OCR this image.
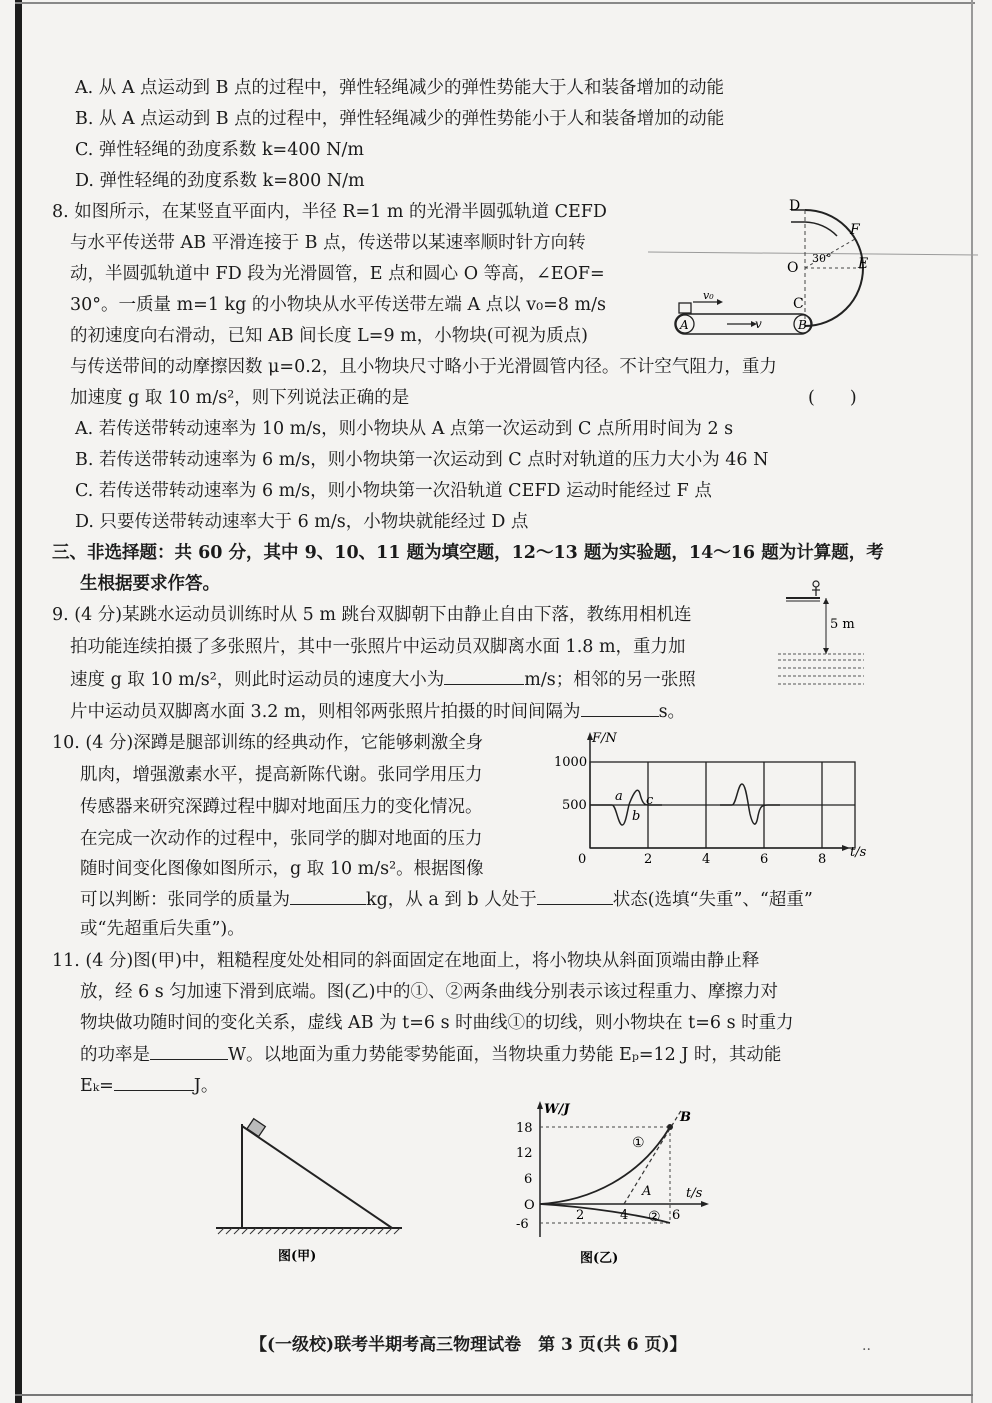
A. 从 A 点运动到 B 点的过程中，弹性轻绳减少的弹性势能大于人和装备增加的动能
B. 从 A 点运动到 B 点的过程中，弹性轻绳减少的弹性势能小于人和装备增加的动能
C. 弹性轻绳的劲度系数 k=400 N/m
D. 弹性轻绳的劲度系数 k=800 N/m
8. 如图所示，在某竖直平面内，半径 R=1 m 的光滑半圆弧轨道 CEFD
与水平传送带 AB 平滑连接于 B 点，传送带以某速率顺时针方向转
动，半圆弧轨道中 FD 段为光滑圆管，E 点和圆心 O 等高，∠EOF=
30°。一质量 m=1 kg 的小物块从水平传送带左端 A 点以 v₀=8 m/s
的初速度向右滑动，已知 AB 间长度 L=9 m，小物块(可视为质点)
与传送带间的动摩擦因数 μ=0.2，且小物块尺寸略小于光滑圆管内径。不计空气阻力，重力
加速度 g 取 10 m/s²，则下列说法正确的是	(　　)
A. 若传送带转动速率为 10 m/s，则小物块从 A 点第一次运动到 C 点所用时间为 2 s
B. 若传送带转动速率为 6 m/s，则小物块第一次运动到 C 点时对轨道的压力大小为 46 N
C. 若传送带转动速率为 6 m/s，则小物块第一次沿轨道 CEFD 运动时能经过 F 点
D. 只要传送带转动速率大于 6 m/s，小物块就能经过 D 点
D
F
O	E
C
30°
A	B
v₀
v
三、非选择题：共 60 分，其中 9、10、11 题为填空题，12～13 题为实验题，14～16 题为计算题，考
生根据要求作答。
9. (4 分)某跳水运动员训练时从 5 m 跳台双脚朝下由静止自由下落，教练用相机连
拍功能连续拍摄了多张照片，其中一张照片中运动员双脚离水面 1.8 m，重力加
速度 g 取 10 m/s²，则此时运动员的速度大小为	m/s；相邻的另一张照
片中运动员双脚离水面 3.2 m，则相邻两张照片拍摄的时间间隔为	s。
5 m
10. (4 分)深蹲是腿部训练的经典动作，它能够刺激全身
肌肉，增强激素水平，提高新陈代谢。张同学用压力
传感器来研究深蹲过程中脚对地面压力的变化情况。
在完成一次动作的过程中，张同学的脚对地面的压力
随时间变化图像如图所示，g 取 10 m/s²。根据图像
可以判断：张同学的质量为	kg，从 a 到 b 人处于	状态(选填“失重”、“超重”
或“先超重后失重”)。
F/N
t/s
1000
500
0	2	4	6	8
a
b
c
11. (4 分)图(甲)中，粗糙程度处处相同的斜面固定在地面上，将小物块从斜面顶端由静止释
放，经 6 s 匀加速下滑到底端。图(乙)中的①、②两条曲线分别表示该过程重力、摩擦力对
物块做功随时间的变化关系，虚线 AB 为 t=6 s 时曲线①的切线，则小物块在 t=6 s 时重力
的功率是	W。以地面为重力势能零势能面，当物块重力势能 Eₚ=12 J 时，其动能
Eₖ=	J。
图(甲)
W/J
t/s
18
12
6
O
-6
2	4	6
A
B
①
②
图(乙)
【(一级校)联考半期考高三物理试卷　第 3 页(共 6 页)】	..
